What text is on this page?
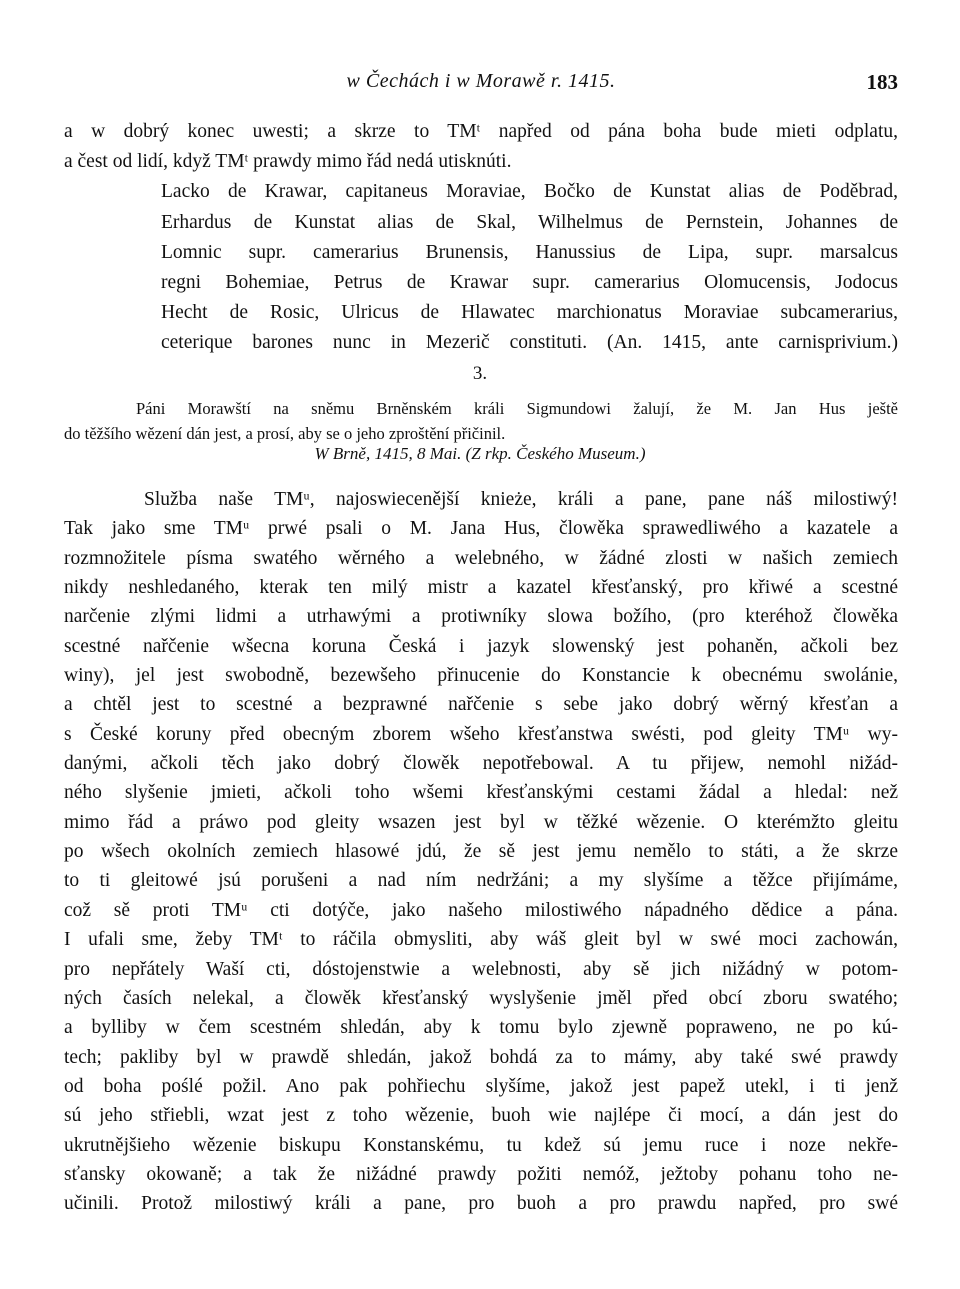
w Čechách i w Morawě r. 1415.	183
a w dobrý konec uwesti; a skrze to TMᵗ napřed od pána boha bude mieti odplatu,
a čest od lidí, když TMᵗ prawdy mimo řád nedá utisknúti.
Lacko de Krawar, capitaneus Moraviae, Bočko de Kunstat alias de Poděbrad,
Erhardus de Kunstat alias de Skal, Wilhelmus de Pernstein, Johannes de
Lomnic supr. camerarius Brunensis, Hanussius de Lipa, supr. marsalcus
regni Bohemiae, Petrus de Krawar supr. camerarius Olomucensis, Jodocus
Hecht de Rosic, Ulricus de Hlawatec marchionatus Moraviae subcamerarius,
ceterique barones nunc in Mezerič constituti. (An. 1415, ante carnisprivium.)
3.
Páni Morawští na sněmu Brněnském králi Sigmundowi žalují, že M. Jan Hus ještě
do těžšího wězení dán jest, a prosí, aby se o jeho zproštění přičinil.
W Brně, 1415, 8 Mai. (Z rkp. Českého Museum.)
Služba naše TMᵘ, najoswiecenější knieże, králi a pane, pane náš milostiwý!
Tak jako sme TMᵘ prwé psali o M. Jana Hus, člowěka sprawedliwého a kazatele a
rozmnožitele písma swatého wěrného a welebného, w žádné zlosti w našich zemiech
nikdy neshledaného, kterak ten milý mistr a kazatel křesťanský, pro křiwé a scestné
narčenie zlými lidmi a utrhawými a protiwníky slowa božího, (pro kteréhož člowěka
scestné nařčenie wšecna koruna Česká i jazyk slowenský jest pohaněn, ačkoli bez
winy), jel jest swobodně, bezewšeho přinucenie do Konstancie k obecnému swolánie,
a chtěl jest to scestné a bezprawné nařčenie s sebe jako dobrý wěrný křesťan a
s České koruny před obecným zborem wšeho křesťanstwa swésti, pod gleity TMᵘ wy-
danými, ačkoli těch jako dobrý člowěk nepotřebowal. A tu přijew, nemohl nižád-
ného slyšenie jmieti, ačkoli toho wšemi křesťanskými cestami žádal a hledal: než
mimo řád a práwo pod gleity wsazen jest byl w těžké wězenie. O kterémžto gleitu
po wšech okolních zemiech hlasowé jdú, že sě jest jemu nemělo to státi, a že skrze
to ti gleitowé jsú porušeni a nad ním nedržáni; a my slyšíme a těžce přijímáme,
což sě proti TMᵘ cti dotýče, jako našeho milostiwého nápadného dědice a pána.
I ufali sme, žeby TMᵗ to ráčila obmysliti, aby wáš gleit byl w swé moci zachowán,
pro nepřátely Waší cti, dóstojenstwie a welebnosti, aby sě jich nižádný w potom-
ných časích nelekal, a člowěk křesťanský wyslyšenie jměl před obcí zboru swatého;
a bylliby w čem scestném shledán, aby k tomu bylo zjewně popraweno, ne po kú-
tech; pakliby byl w prawdě shledán, jakož bohdá za to mámy, aby také swé prawdy
od boha poślé požil. Ano pak pohřiechu slyšíme, jakož jest papež utekl, i ti jenž
sú jeho střiebli, wzat jest z toho wězenie, buoh wie najlépe či mocí, a dán jest do
ukrutnějšieho wězenie biskupu Konstanskému, tu kdež sú jemu ruce i noze nekře-
sťansky okowaně; a tak že nižádné prawdy požiti nemóž, ježtoby pohanu toho ne-
učinili. Protož milostiwý králi a pane, pro buoh a pro prawdu napřed, pro swé
